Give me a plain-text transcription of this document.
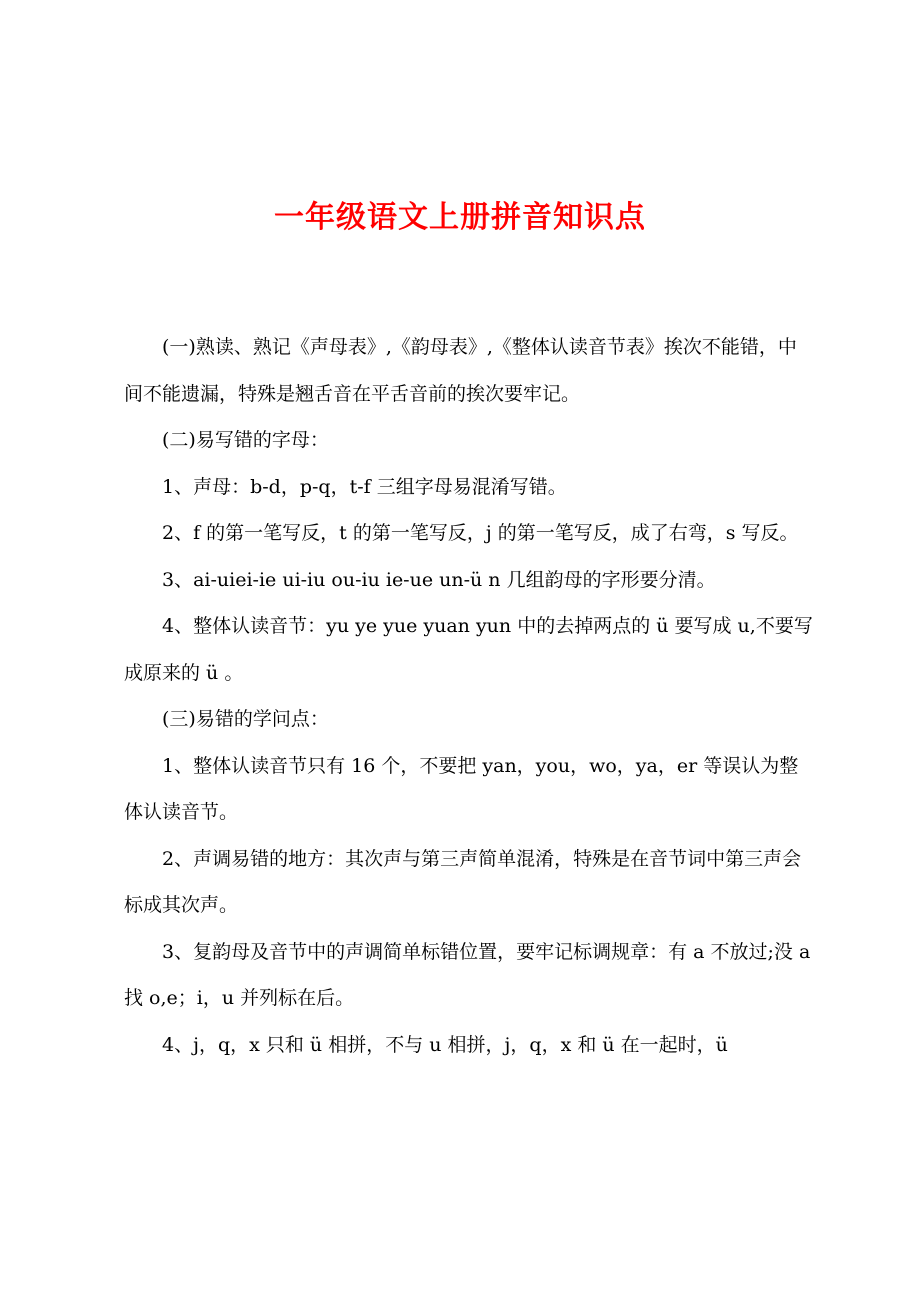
一年级语文上册拼音知识点

(一)熟读、熟记《声母表》,《韵母表》,《整体认读音节表》挨次不能错，中间不能遗漏，特殊是翘舌音在平舌音前的挨次要牢记。

(二)易写错的字母：

1、声母：b-d，p-q，t-f 三组字母易混淆写错。

2、f 的第一笔写反，t 的第一笔写反，j 的第一笔写反，成了右弯，s 写反。

3、ai-uiei-ie ui-iu ou-iu ie-ue un-ü n 几组韵母的字形要分清。

4、整体认读音节：yu ye yue yuan yun 中的去掉两点的 ü 要写成 u,不要写成原来的 ü 。

(三)易错的学问点：

1、整体认读音节只有 16 个，不要把 yan，you，wo，ya，er 等误认为整体认读音节。

2、声调易错的地方：其次声与第三声简单混淆，特殊是在音节词中第三声会标成其次声。

3、复韵母及音节中的声调简单标错位置，要牢记标调规章：有 a 不放过;没 a 找 o,e；i，u 并列标在后。

4、j，q，x 只和 ü 相拼，不与 u 相拼，j，q，x 和 ü 在一起时，ü
